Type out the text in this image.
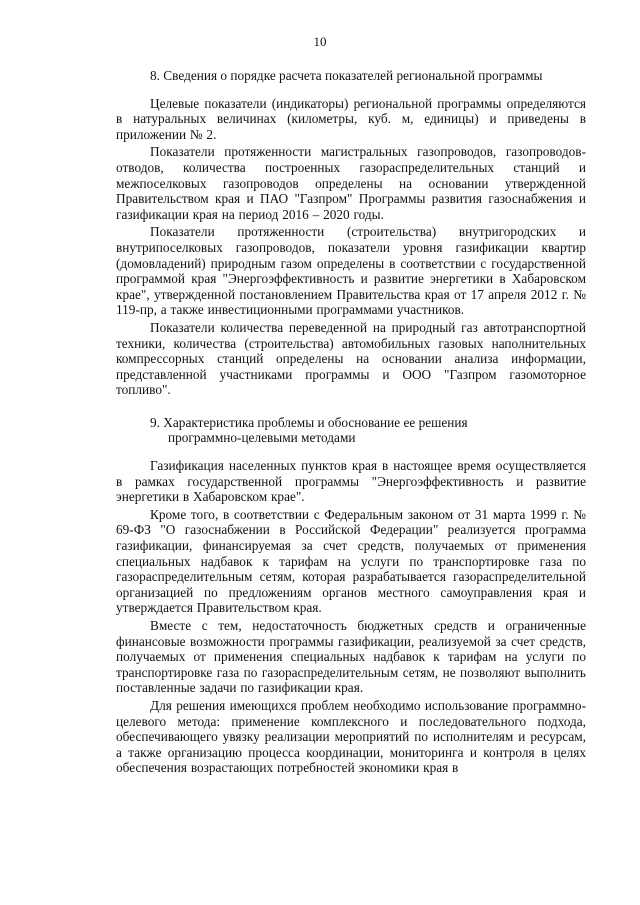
10
8. Сведения о порядке расчета показателей региональной программы

Целевые показатели (индикаторы) региональной программы определяются в натуральных величинах (километры, куб. м, единицы) и приведены в приложении № 2.

Показатели протяженности магистральных газопроводов, газопроводов-отводов, количества построенных газораспределительных станций и межпоселковых газопроводов определены на основании утвержденной Правительством края и ПАО "Газпром" Программы развития газоснабжения и газификации края на период 2016 – 2020 годы.

Показатели протяженности (строительства) внутригородских и внутрипоселковых газопроводов, показатели уровня газификации квартир (домовладений) природным газом определены в соответствии с государственной программой края "Энергоэффективность и развитие энергетики в Хабаровском крае", утвержденной постановлением Правительства края от 17 апреля 2012 г. № 119-пр, а также инвестиционными программами участников.

Показатели количества переведенной на природный газ автотранспортной техники, количества (строительства) автомобильных газовых наполнительных компрессорных станций определены на основании анализа информации, представленной участниками программы и ООО "Газпром газомоторное топливо".

9. Характеристика проблемы и обоснование ее решения
программно-целевыми методами

Газификация населенных пунктов края в настоящее время осуществляется в рамках государственной программы "Энергоэффективность и развитие энергетики в Хабаровском крае".

Кроме того, в соответствии с Федеральным законом от 31 марта 1999 г. № 69-ФЗ "О газоснабжении в Российской Федерации" реализуется программа газификации, финансируемая за счет средств, получаемых от применения специальных надбавок к тарифам на услуги по транспортировке газа по газораспределительным сетям, которая разрабатывается газораспределительной организацией по предложениям органов местного самоуправления края и утверждается Правительством края.

Вместе с тем, недостаточность бюджетных средств и ограниченные финансовые возможности программы газификации, реализуемой за счет средств, получаемых от применения специальных надбавок к тарифам на услуги по транспортировке газа по газораспределительным сетям, не позволяют выполнить поставленные задачи по газификации края.

Для решения имеющихся проблем необходимо использование программно-целевого метода: применение комплексного и последовательного подхода, обеспечивающего увязку реализации мероприятий по исполнителям и ресурсам, а также организацию процесса координации, мониторинга и контроля в целях обеспечения возрастающих потребностей экономики края в
